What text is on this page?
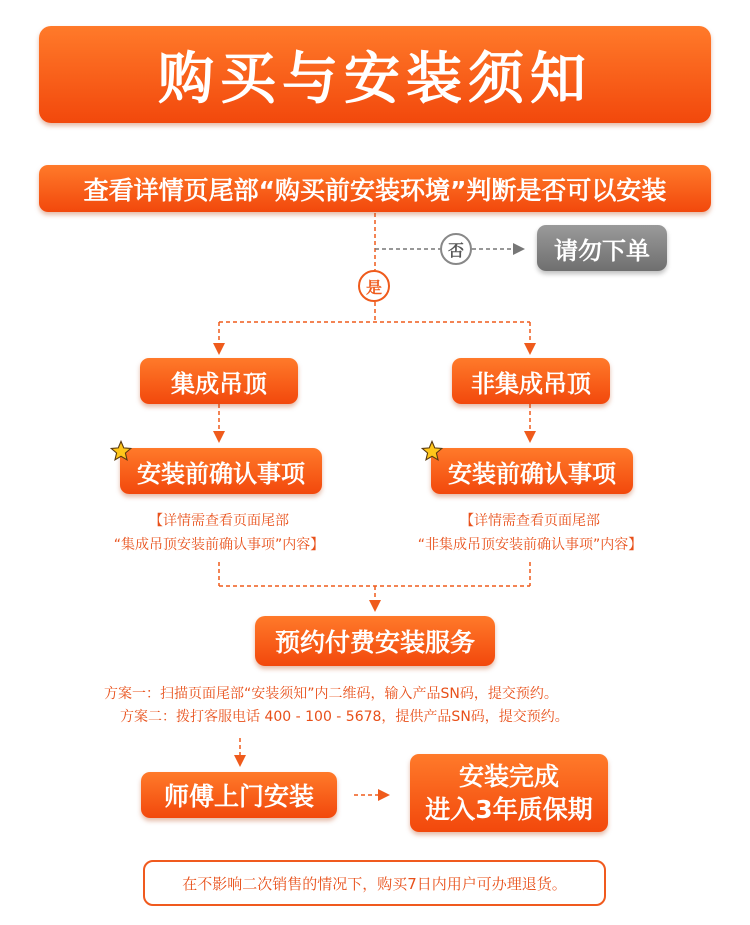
购买与安装须知
查看详情页尾部“购买前安装环境”判断是否可以安装
否	请勿下单
是
集成吊顶
安装前确认事项
【详情需查看页面尾部
“集成吊顶安装前确认事项”内容】
非集成吊顶
安装前确认事项
【详情需查看页面尾部
“非集成吊顶安装前确认事项”内容】
预约付费安装服务
方案一：扫描页面尾部“安装须知”内二维码，输入产品SN码，提交预约。
方案二：拨打客服电话 400 - 100 - 5678，提供产品SN码，提交预约。
师傅上门安装
安装完成
进入3年质保期
在不影响二次销售的情况下，购买7日内用户可办理退货。
